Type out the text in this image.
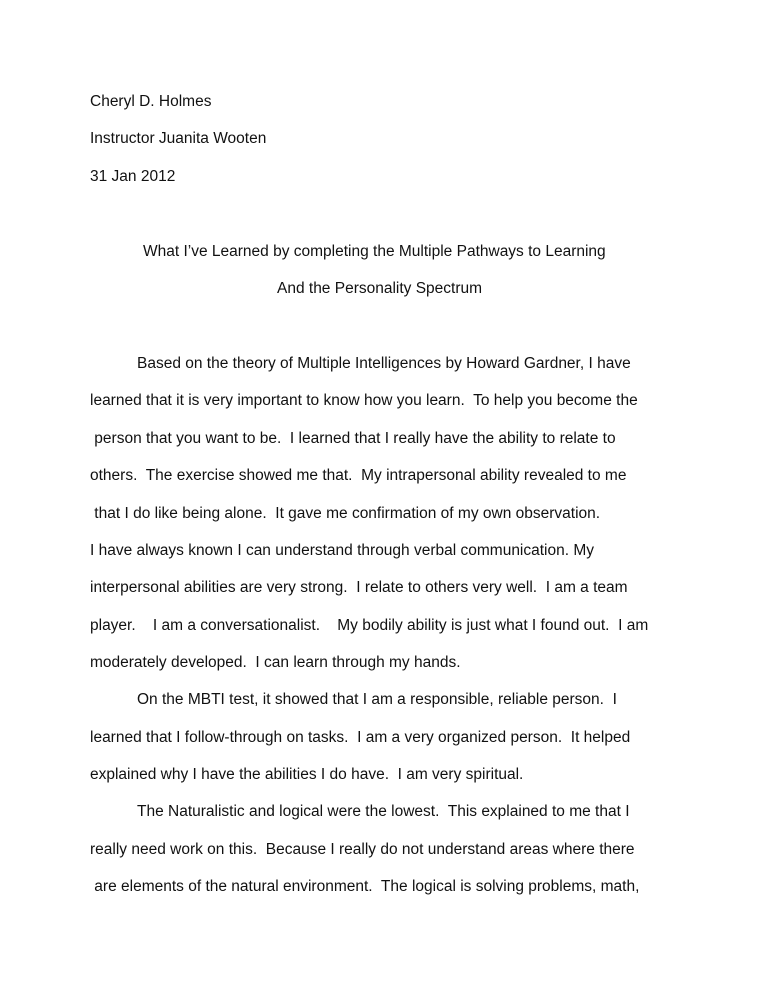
Cheryl D. Holmes
Instructor Juanita Wooten
31 Jan 2012
What I’ve Learned by completing the Multiple Pathways to Learning
And the Personality Spectrum
Based on the theory of Multiple Intelligences by Howard Gardner, I have
learned that it is very important to know how you learn.  To help you become the
person that you want to be.  I learned that I really have the ability to relate to
others.  The exercise showed me that.  My intrapersonal ability revealed to me
that I do like being alone.  It gave me confirmation of my own observation.
I have always known I can understand through verbal communication. My
interpersonal abilities are very strong.  I relate to others very well.  I am a team
player.    I am a conversationalist.    My bodily ability is just what I found out.  I am
moderately developed.  I can learn through my hands.
On the MBTI test, it showed that I am a responsible, reliable person.  I
learned that I follow-through on tasks.  I am a very organized person.  It helped
explained why I have the abilities I do have.  I am very spiritual.
The Naturalistic and logical were the lowest.  This explained to me that I
really need work on this.  Because I really do not understand areas where there
are elements of the natural environment.  The logical is solving problems, math,
